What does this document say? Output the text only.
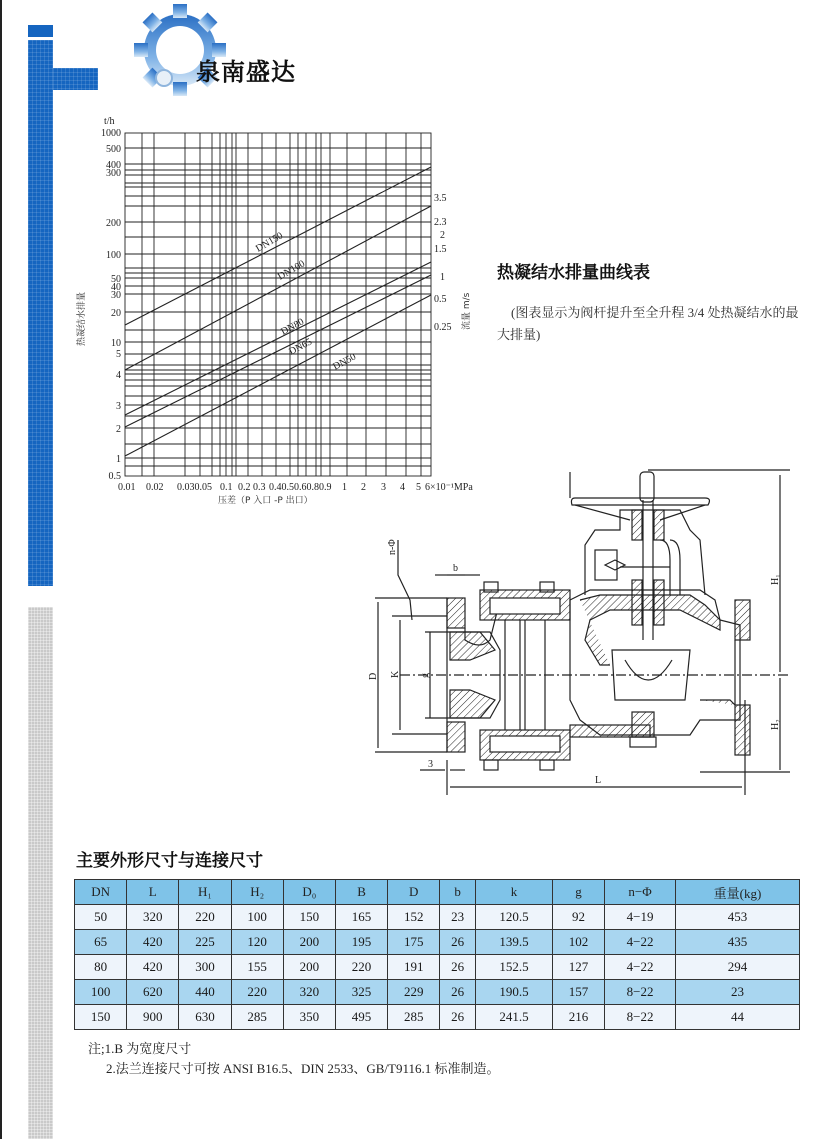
泉南盛达
DN150
DN100
DN80
DN65
DN50
t/h
1000
500
400
300
200
100
50
40
30
20
10
5
4
3
2
1
0.5
3.5
2.3
2
1.5
1
0.5
0.25
0.01 0.02 0.030.05 0.1 0.2 0.3 0.40.50.60.80.9 1 2 3 4 5 6×10⁻¹MPa
压差（P 入口 -P 出口）
热凝结水排量	流量 m/s
热凝结水排量曲线表
(图表显示为阀杆提升至全升程 3/4 处热凝结水的最大排量)
n-Φ
b
D K g
3
L
H₁
H₂
主要外形尺寸与连接尺寸
DN	L	H₁	H₂	D₀	B	D	b	k	g	n−Φ	重量(kg)
50	320	220	100	150	165	152	23	120.5	92	4−19	453
65	420	225	120	200	195	175	26	139.5	102	4−22	435
80	420	300	155	200	220	191	26	152.5	127	4−22	294
100	620	440	220	320	325	229	26	190.5	157	8−22	23
150	900	630	285	350	495	285	26	241.5	216	8−22	44
注;1.B 为宽度尺寸
2.法兰连接尺寸可按 ANSI B16.5、DIN 2533、GB/T9116.1 标准制造。
